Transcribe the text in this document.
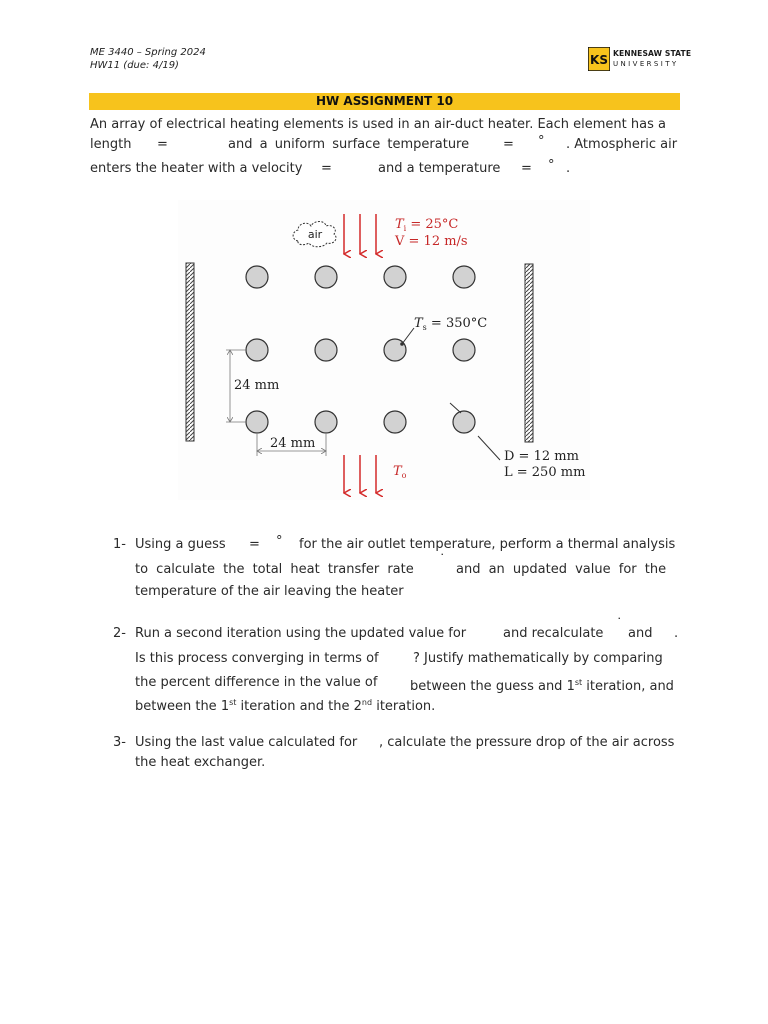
ME 3440 – Spring 2024
HW11 (due: 4/19)	KS KENNESAW STATE
UNIVERSITY
HW ASSIGNMENT 10
An array of electrical heating elements is used in an air-duct heater. Each element has a
length =	and a uniform surface temperature	= ° . Atmospheric air
enters the heater with a velocity =	and a temperature = ° .
air
$T_i = 25^\circ C$
V = 12 m/s
$T_s = 350^\circ C$
24 mm
24 mm
D = 12 mm
L = 250 mm
$T_o$
1- Using a guess = ° for the air outlet temperature, perform a thermal analysis
to calculate the total heat transfer rate
˙
and an updated value for the
temperature of the air leaving the heater
2- Run a second iteration using the updated value for	and recalculate
˙
and .
Is this process converging in terms of	? Justify mathematically by comparing
the percent difference in the value of	between the guess and 1st iteration, and
between the 1st iteration and the 2nd iteration.
3- Using the last value calculated for , calculate the pressure drop of the air across
the heat exchanger.
